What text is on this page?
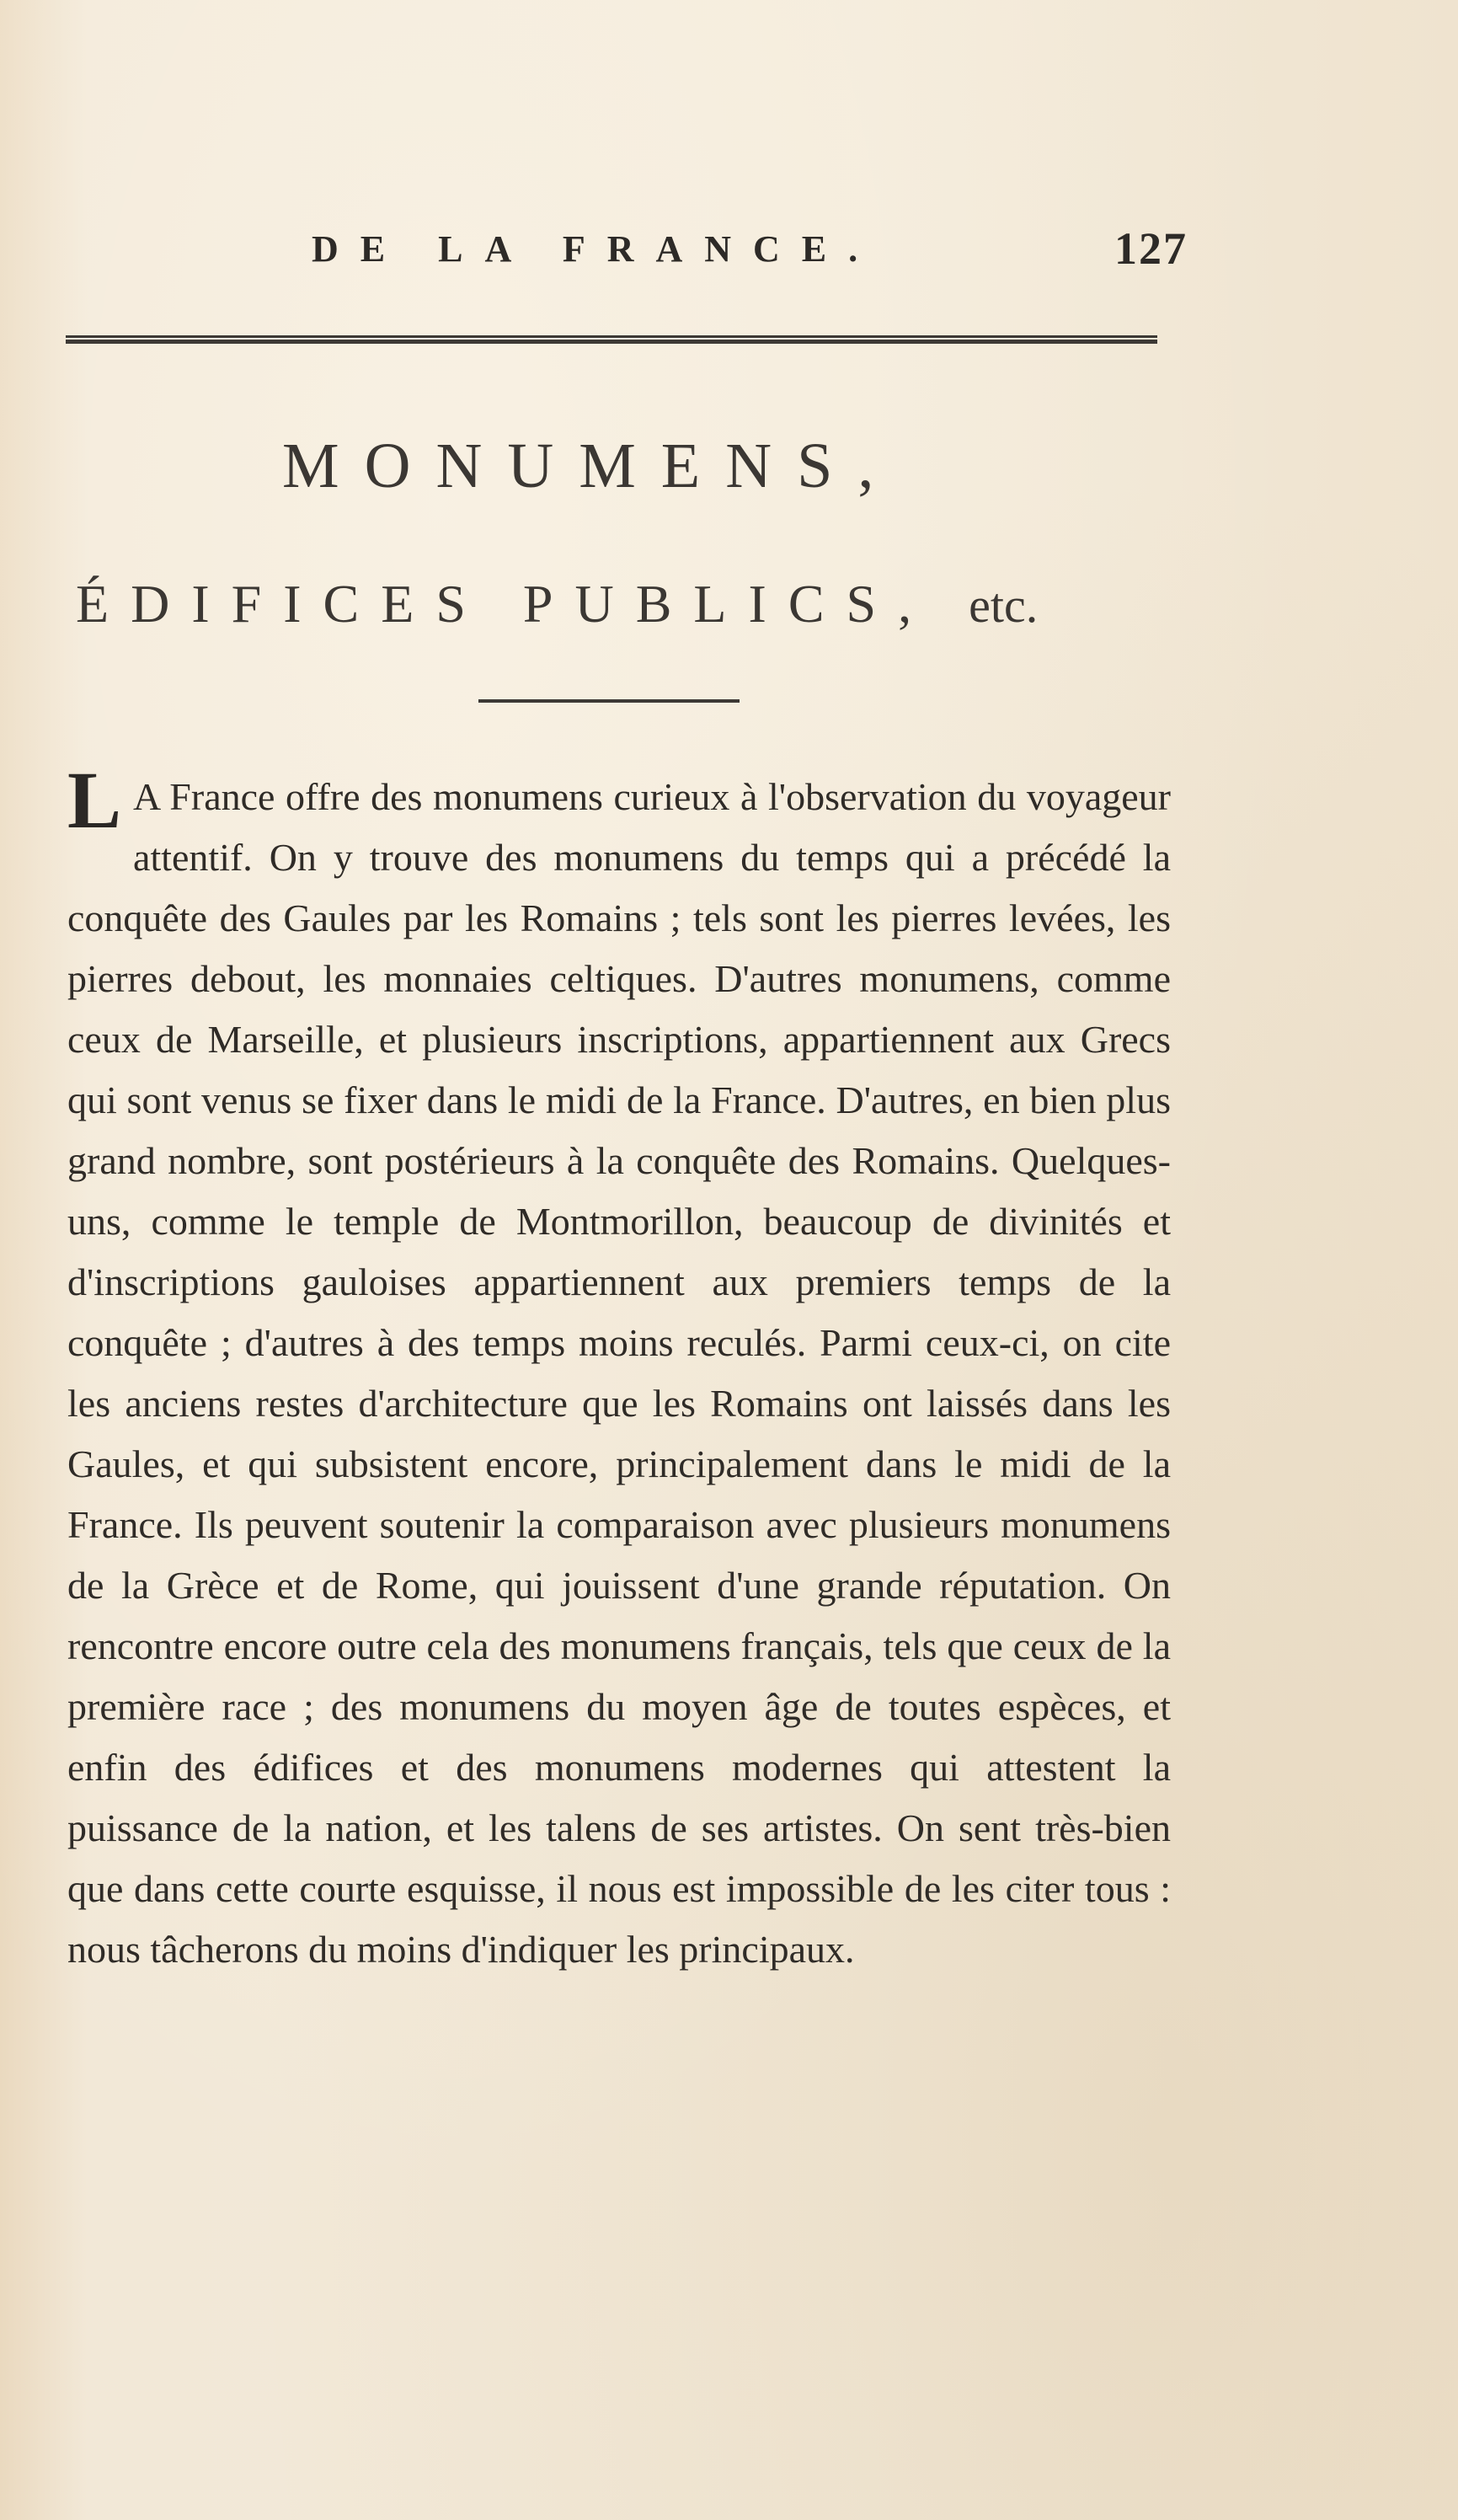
DE LA FRANCE.	127
MONUMENS,
ÉDIFICES PUBLICS, etc.

L A France offre des monumens curieux à l'observation du voyageur attentif. On y trouve des monumens du temps qui a précédé la conquête des Gaules par les Romains ; tels sont les pierres levées, les pierres debout, les monnaies celtiques. D'autres monumens, comme ceux de Marseille, et plusieurs inscriptions, appartiennent aux Grecs qui sont venus se fixer dans le midi de la France. D'autres, en bien plus grand nombre, sont postérieurs à la conquête des Romains. Quelques-uns, comme le temple de Montmorillon, beaucoup de divinités et d'inscriptions gauloises appartiennent aux premiers temps de la conquête ; d'autres à des temps moins reculés. Parmi ceux-ci, on cite les anciens restes d'architecture que les Romains ont laissés dans les Gaules, et qui subsistent encore, principalement dans le midi de la France. Ils peuvent soutenir la comparaison avec plusieurs monumens de la Grèce et de Rome, qui jouissent d'une grande réputation. On rencontre encore outre cela des monumens français, tels que ceux de la première race ; des monumens du moyen âge de toutes espèces, et enfin des édifices et des monumens modernes qui attestent la puissance de la nation, et les talens de ses artistes. On sent très-bien que dans cette courte esquisse, il nous est impossible de les citer tous : nous tâcherons du moins d'indiquer les principaux.
